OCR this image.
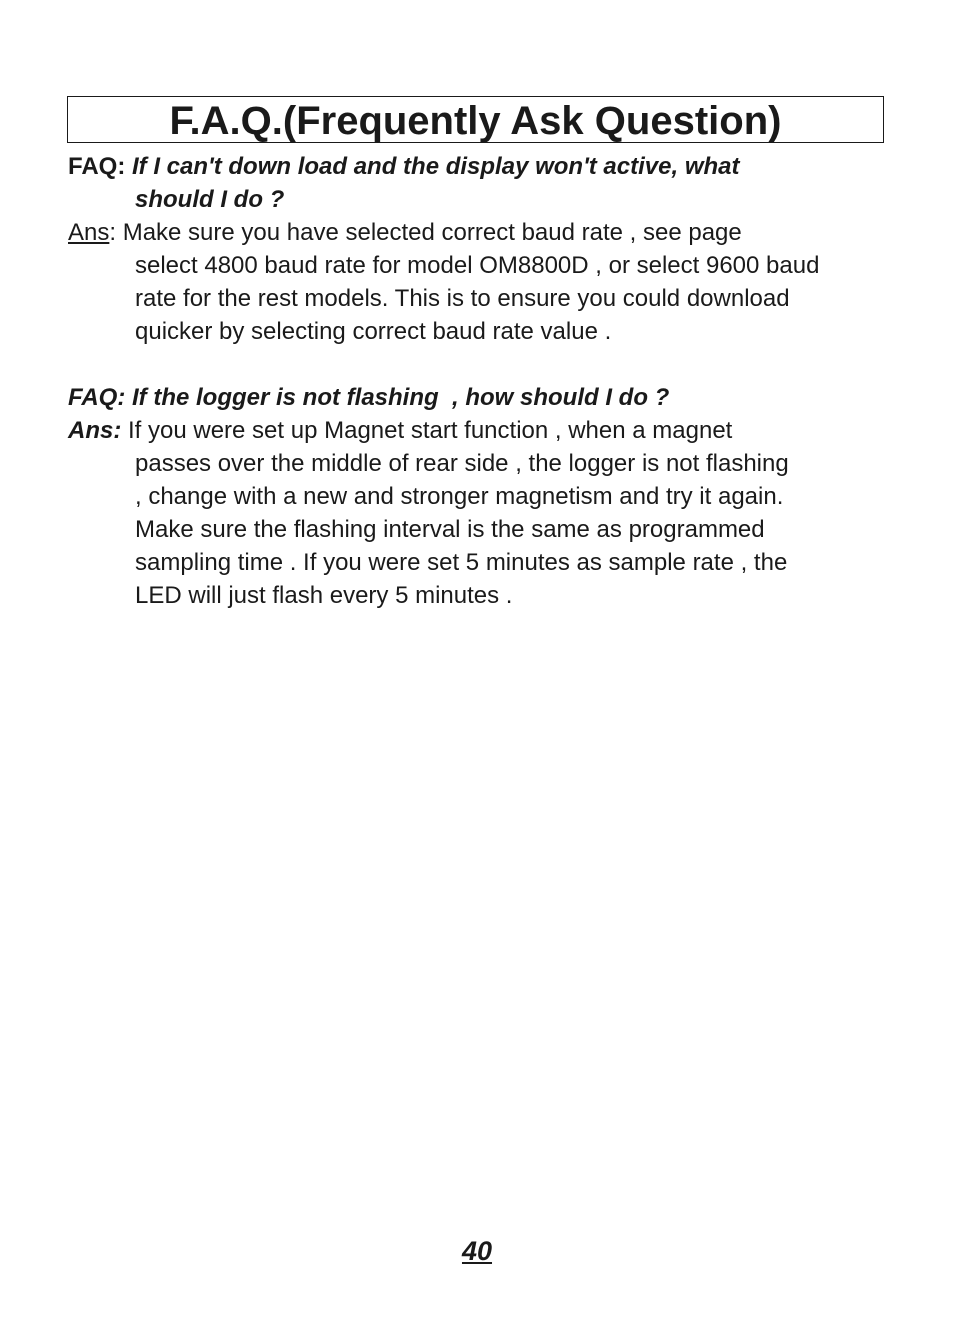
F.A.Q.(Frequently Ask Question)
FAQ: If I can't down load and the display won't active, what
should I do ?
Ans : Make sure you have selected correct baud rate , see page
select 4800 baud rate for model OM8800D , or select 9600 baud
rate for the rest models. This is to ensure you could download
quicker by selecting correct baud rate value .
FAQ: If the logger is not flashing  , how should I do ?
Ans: If you were set up Magnet start function , when a magnet
passes over the middle of rear side , the logger is not flashing
, change with a new and stronger magnetism and try it again.
Make sure the flashing interval is the same as programmed
sampling time . If you were set 5 minutes as sample rate , the
LED will just flash every 5 minutes .
40
